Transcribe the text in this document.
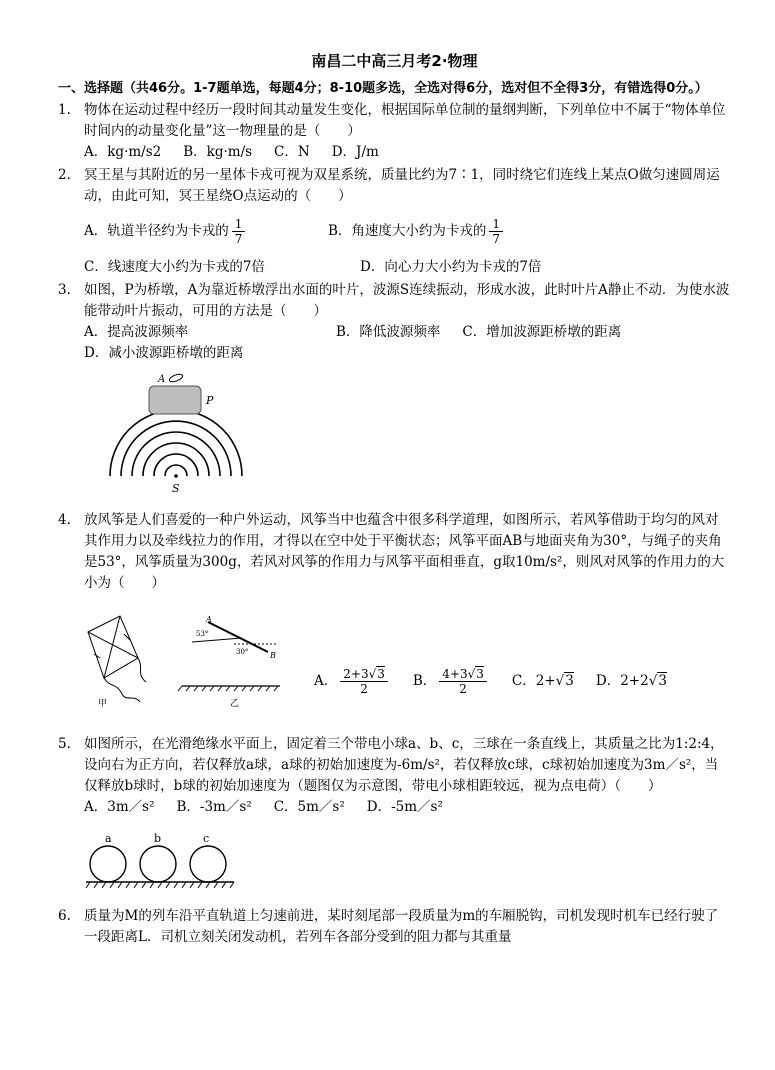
南昌二中高三月考2·物理
一、选择题（共46分。1-7题单选，每题4分；8-10题多选，全选对得6分，选对但不全得3分，有错选得0分。）
1. 物体在运动过程中经历一段时间其动量发生变化，根据国际单位制的量纲判断，下列单位中不属于“物体单位时间内的动量变化量”这一物理量的是（　　）
A．kg·m/s2 B．kg·m/s C．N D．J/m
2. 冥王星与其附近的另一星体卡戎可视为双星系统，质量比约为7∶1，同时绕它们连线上某点O做匀速圆周运动，由此可知，冥王星绕O点运动的（　　）
A．轨道半径约为卡戎的 $\frac{1}{7}$	B．角速度大小约为卡戎的 $\frac{1}{7}$
C．线速度大小约为卡戎的7倍	D．向心力大小约为卡戎的7倍
3. 如图，P为桥墩，A为靠近桥墩浮出水面的叶片，波源S连续振动，形成水波，此时叶片A静止不动．为使水波能带动叶片振动，可用的方法是（　　）
A．提高波源频率	B．降低波源频率 C．增加波源距桥墩的距离
D．减小波源距桥墩的距离
A
P
S
4. 放风筝是人们喜爱的一种户外运动，风筝当中也蕴含中很多科学道理，如图所示，若风筝借助于均匀的风对其作用力以及牵线拉力的作用，才得以在空中处于平衡状态；风筝平面AB与地面夹角为30°，与绳子的夹角是53°，风筝质量为300g，若风对风筝的作用力与风筝平面相垂直，g取10m/s²，则风对风筝的作用力的大小为（　　）
甲
A
B
53°
30°
乙
A． $\frac{2+3√3}{2}$ B． $\frac{4+3√3}{2}$ C．2+√3 D．2+2√3
5. 如图所示，在光滑绝缘水平面上，固定着三个带电小球a、b、c，三球在一条直线上，其质量之比为1:2:4，设向右为正方向，若仅释放a球，a球的初始加速度为-6m/s²，若仅释放c球，c球初始加速度为3m／s²，当仅释放b球时，b球的初始加速度为（题图仅为示意图，带电小球相距较远，视为点电荷）（　　）
A．3m／s² B．-3m／s² C．5m／s² D．-5m／s²
a	b	c
6. 质量为M的列车沿平直轨道上匀速前进，某时刻尾部一段质量为m的车厢脱钩，司机发现时机车已经行驶了一段距离L．司机立刻关闭发动机，若列车各部分受到的阻力都与其重量
